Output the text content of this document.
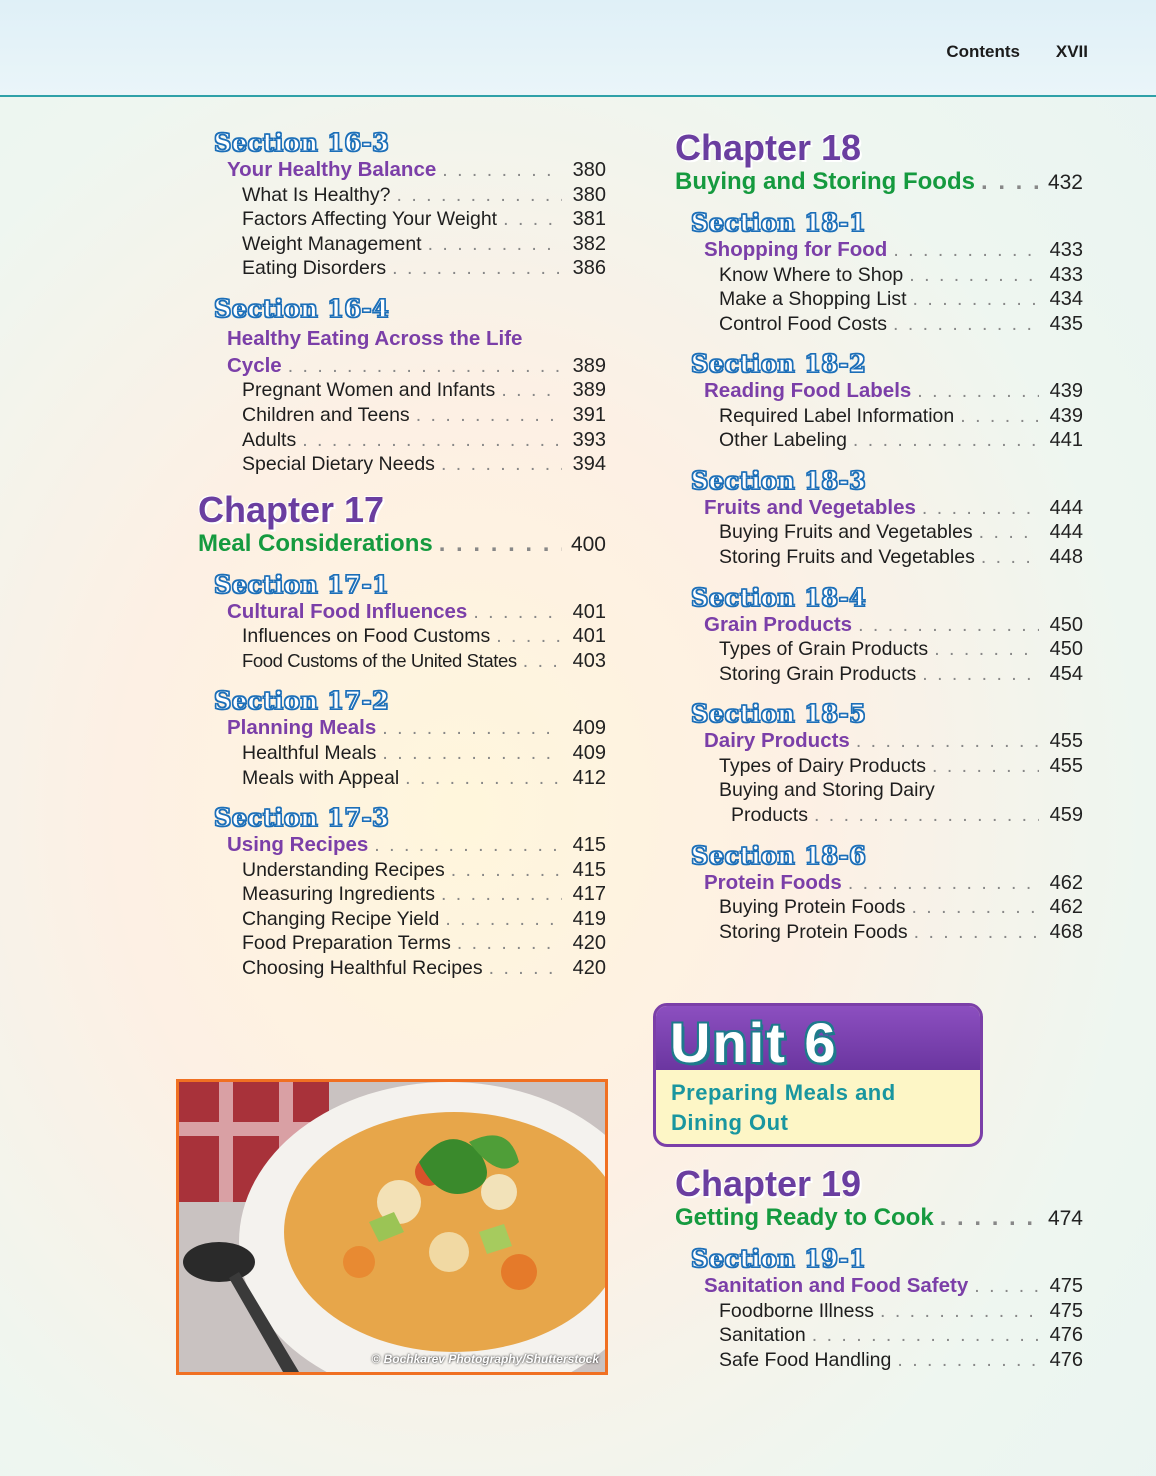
Contents XVII
Section 16-3
Your Healthy Balance . . .	380
What Is Healthy? . . .	380
Factors Affecting Your Weight . . .	381
Weight Management . . .	382
Eating Disorders . . .	386
Section 16-4
Healthy Eating Across the Life
Cycle . . .	389
Pregnant Women and Infants . . .	389
Children and Teens . . .	391
Adults . . .	393
Special Dietary Needs . . .	394
Chapter 17
Meal Considerations . . .	400
Section 17-1
Cultural Food Influences . . .	401
Influences on Food Customs . . .	401
Food Customs of the United States . . .	403
Section 17-2
Planning Meals . . .	409
Healthful Meals . . .	409
Meals with Appeal . . .	412
Section 17-3
Using Recipes . . .	415
Understanding Recipes . . .	415
Measuring Ingredients . . .	417
Changing Recipe Yield . . .	419
Food Preparation Terms . . .	420
Choosing Healthful Recipes . . .	420
© Bochkarev Photography/Shutterstock
Chapter 18
Buying and Storing Foods . . .	432
Section 18-1
Shopping for Food . . .	433
Know Where to Shop . . .	433
Make a Shopping List . . .	434
Control Food Costs . . .	435
Section 18-2
Reading Food Labels . . .	439
Required Label Information . . .	439
Other Labeling . . .	441
Section 18-3
Fruits and Vegetables . . .	444
Buying Fruits and Vegetables . . .	444
Storing Fruits and Vegetables . . .	448
Section 18-4
Grain Products . . .	450
Types of Grain Products . . .	450
Storing Grain Products . . .	454
Section 18-5
Dairy Products . . .	455
Types of Dairy Products . . .	455
Buying and Storing Dairy
Products . . .	459
Section 18-6
Protein Foods . . .	462
Buying Protein Foods . . .	462
Storing Protein Foods . . .	468
Unit 6
Preparing Meals and Dining Out
Chapter 19
Getting Ready to Cook . . .	474
Section 19-1
Sanitation and Food Safety . . .	475
Foodborne Illness . . .	475
Sanitation . . .	476
Safe Food Handling . . .	476
